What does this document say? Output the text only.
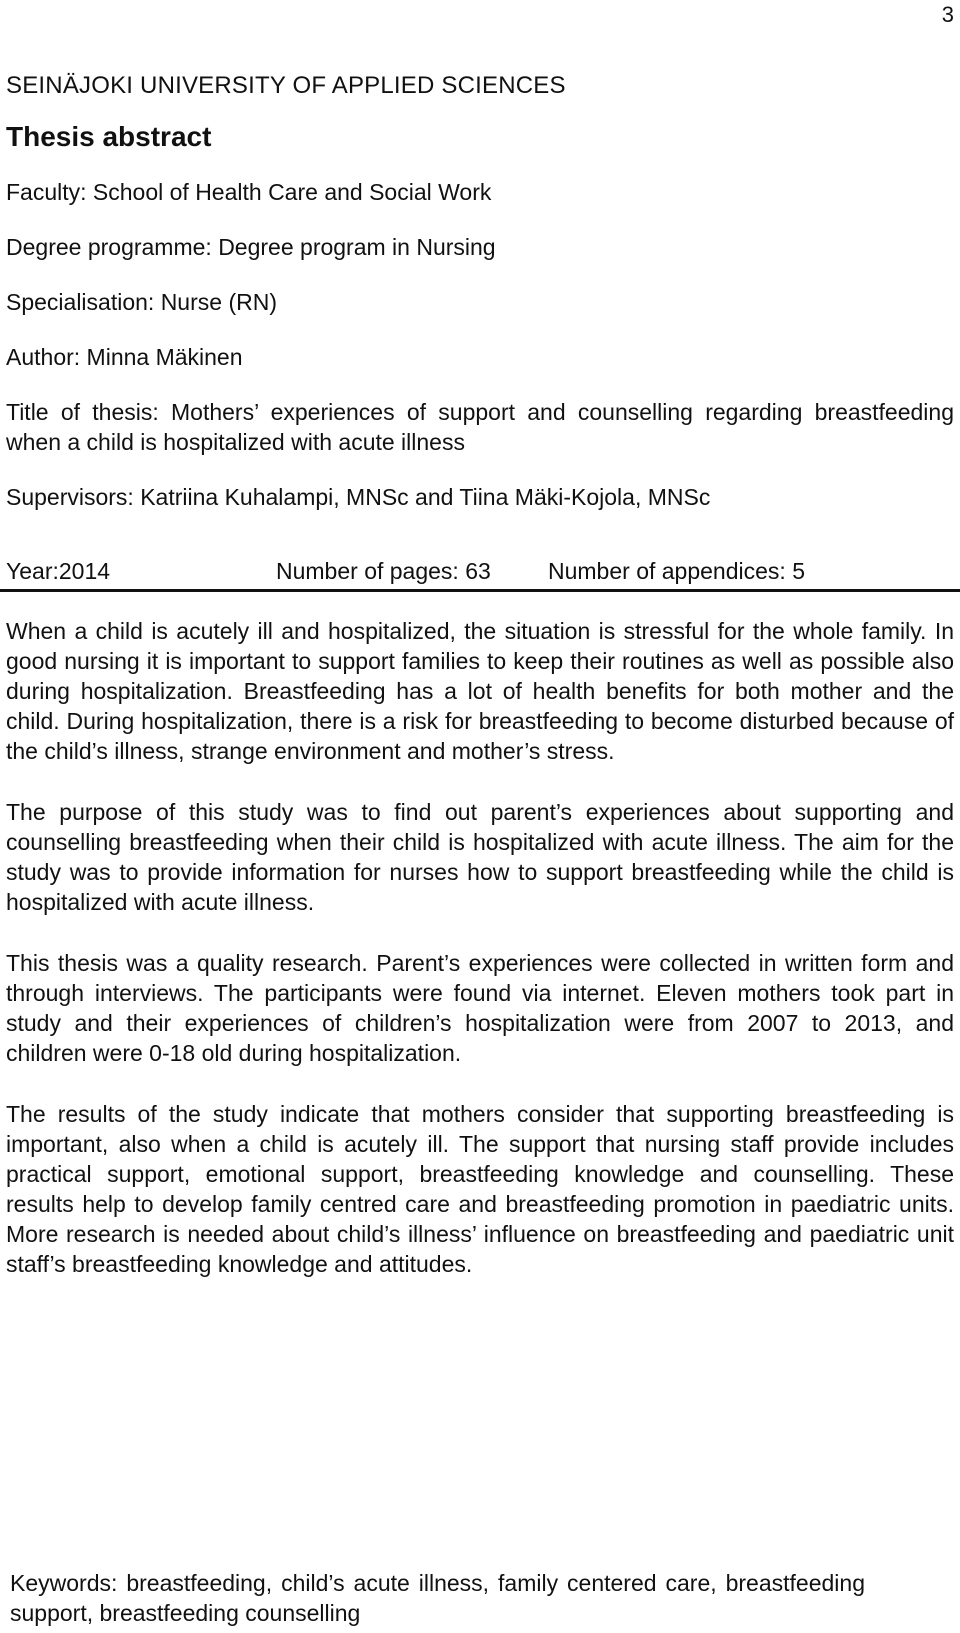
3
SEINÄJOKI UNIVERSITY OF APPLIED SCIENCES
Thesis abstract
Faculty: School of Health Care and Social Work
Degree programme: Degree program in Nursing
Specialisation: Nurse (RN)
Author: Minna Mäkinen
Title of thesis: Mothers’ experiences of support and counselling regarding breastfeeding when a child is hospitalized with acute illness
Supervisors: Katriina Kuhalampi, MNSc and Tiina Mäki-Kojola, MNSc
Year:2014	Number of pages: 63 Number of appendices: 5

When a child is acutely ill and hospitalized, the situation is stressful for the whole family. In good nursing it is important to support families to keep their routines as well as possible also during hospitalization. Breastfeeding has a lot of health benefits for both mother and the child. During hospitalization, there is a risk for breastfeeding to become disturbed because of the child’s illness, strange environment and mother’s stress.

The purpose of this study was to find out parent’s experiences about supporting and counselling breastfeeding when their child is hospitalized with acute illness. The aim for the study was to provide information for nurses how to support breastfeeding while the child is hospitalized with acute illness.

This thesis was a quality research. Parent’s experiences were collected in written form and through interviews. The participants were found via internet. Eleven mothers took part in study and their experiences of children’s hospitalization were from 2007 to 2013, and children were 0-18 old during hospitalization.

The results of the study indicate that mothers consider that supporting breastfeeding is important, also when a child is acutely ill. The support that nursing staff provide includes practical support, emotional support, breastfeeding knowledge and counselling. These results help to develop family centred care and breastfeeding promotion in paediatric units. More research is needed about child’s illness’ influence on breastfeeding and paediatric unit staff’s breastfeeding knowledge and attitudes.

Keywords: breastfeeding, child’s acute illness, family centered care, breastfeeding support, breastfeeding counselling
